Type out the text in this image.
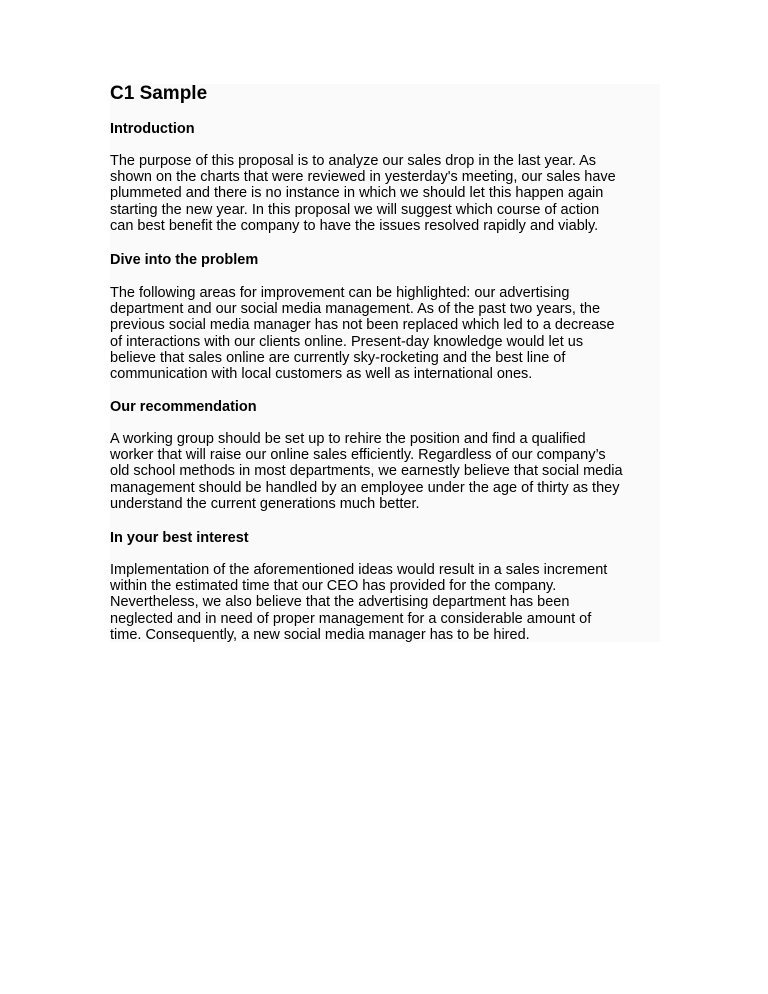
C1 Sample
Introduction

The purpose of this proposal is to analyze our sales drop in the last year. As
shown on the charts that were reviewed in yesterday's meeting, our sales have
plummeted and there is no instance in which we should let this happen again
starting the new year. In this proposal we will suggest which course of action
can best benefit the company to have the issues resolved rapidly and viably.

Dive into the problem

The following areas for improvement can be highlighted: our advertising
department and our social media management. As of the past two years, the
previous social media manager has not been replaced which led to a decrease
of interactions with our clients online. Present-day knowledge would let us
believe that sales online are currently sky-rocketing and the best line of
communication with local customers as well as international ones.

Our recommendation

A working group should be set up to rehire the position and find a qualified
worker that will raise our online sales efficiently. Regardless of our company’s
old school methods in most departments, we earnestly believe that social media
management should be handled by an employee under the age of thirty as they
understand the current generations much better.

In your best interest

Implementation of the aforementioned ideas would result in a sales increment
within the estimated time that our CEO has provided for the company.
Nevertheless, we also believe that the advertising department has been
neglected and in need of proper management for a considerable amount of
time. Consequently, a new social media manager has to be hired.
